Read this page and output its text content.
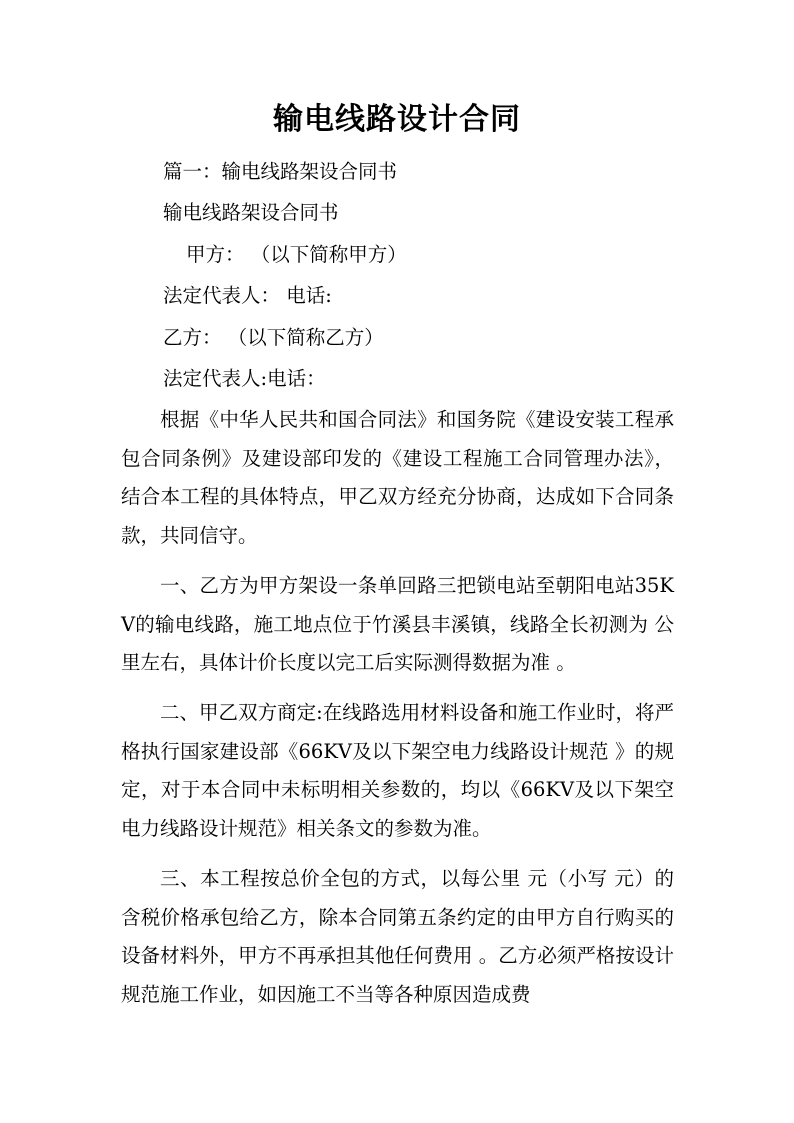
输电线路设计合同
篇一：输电线路架设合同书
输电线路架设合同书
甲方： （以下简称甲方）
法定代表人： 电话:
乙方： （以下简称乙方）
法定代表人:电话：
根据《中华人民共和国合同法》和国务院《建设安装工程承包合同条例》及建设部印发的《建设工程施工合同管理办法》，结合本工程的具体特点，甲乙双方经充分协商，达成如下合同条款，共同信守。
一、乙方为甲方架设一条单回路三把锁电站至朝阳电站35KV的输电线路，施工地点位于竹溪县丰溪镇，线路全长初测为 公里左右，具体计价长度以完工后实际测得数据为准 。
二、甲乙双方商定:在线路选用材料设备和施工作业时，将严格执行国家建设部《66KV及以下架空电力线路设计规范 》的规定，对于本合同中未标明相关参数的，均以《66KV及以下架空电力线路设计规范》相关条文的参数为准。
三、本工程按总价全包的方式，以每公里 元（小写 元）的含税价格承包给乙方，除本合同第五条约定的由甲方自行购买的设备材料外，甲方不再承担其他任何费用 。乙方必须严格按设计规范施工作业，如因施工不当等各种原因造成费
